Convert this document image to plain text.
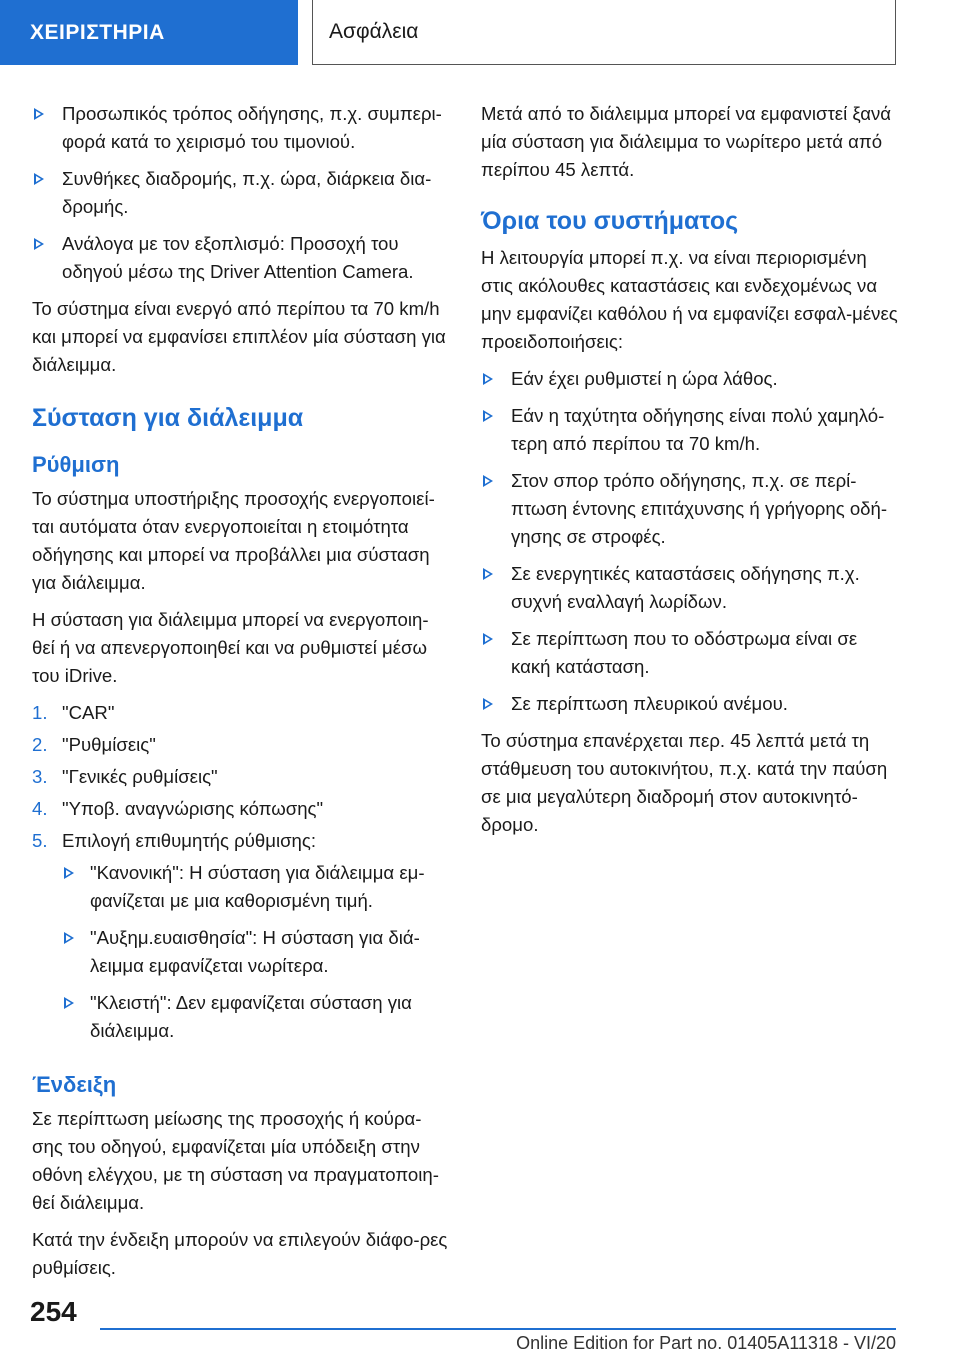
ΧΕΙΡΙΣΤΗΡΙΑ	Ασφάλεια
Προσωπικός τρόπος οδήγησης, π.χ. συμπερι-φορά κατά το χειρισμό του τιμονιού.
Συνθήκες διαδρομής, π.χ. ώρα, διάρκεια δια-δρομής.
Ανάλογα με τον εξοπλισμό: Προσοχή του οδηγού μέσω της Driver Attention Camera.

Το σύστημα είναι ενεργό από περίπου τα 70 km/h και μπορεί να εμφανίσει επιπλέον μία σύσταση για διάλειμμα.

Σύσταση για διάλειμμα
Ρύθμιση

Το σύστημα υποστήριξης προσοχής ενεργοποιεί-ται αυτόματα όταν ενεργοποιείται η ετοιμότητα οδήγησης και μπορεί να προβάλλει μια σύσταση για διάλειμμα.

Η σύσταση για διάλειμμα μπορεί να ενεργοποιη-θεί ή να απενεργοποιηθεί και να ρυθμιστεί μέσω του iDrive.

1. "CAR"
2. "Ρυθμίσεις"
3. "Γενικές ρυθμίσεις"
4. "Υποβ. αναγνώρισης κόπωσης"
5. Επιλογή επιθυμητής ρύθμισης:
"Κανονική": Η σύσταση για διάλειμμα εμ-φανίζεται με μια καθορισμένη τιμή.
"Αυξημ.ευαισθησία": Η σύσταση για διά-λειμμα εμφανίζεται νωρίτερα.
"Κλειστή": Δεν εμφανίζεται σύσταση για διάλειμμα.
Ένδειξη

Σε περίπτωση μείωσης της προσοχής ή κούρα-σης του οδηγού, εμφανίζεται μία υπόδειξη στην οθόνη ελέγχου, με τη σύσταση να πραγματοποιη-θεί διάλειμμα.

Κατά την ένδειξη μπορούν να επιλεγούν διάφο-ρες ρυθμίσεις.

Μετά από το διάλειμμα μπορεί να εμφανιστεί ξανά μία σύσταση για διάλειμμα το νωρίτερο μετά από περίπου 45 λεπτά.

Όρια του συστήματος

Η λειτουργία μπορεί π.χ. να είναι περιορισμένη στις ακόλουθες καταστάσεις και ενδεχομένως να μην εμφανίζει καθόλου ή να εμφανίζει εσφαλ-μένες προειδοποιήσεις:

Εάν έχει ρυθμιστεί η ώρα λάθος.
Εάν η ταχύτητα οδήγησης είναι πολύ χαμηλό-τερη από περίπου τα 70 km/h.
Στον σπορ τρόπο οδήγησης, π.χ. σε περί-πτωση έντονης επιτάχυνσης ή γρήγορης οδή-γησης σε στροφές.
Σε ενεργητικές καταστάσεις οδήγησης π.χ. συχνή εναλλαγή λωρίδων.
Σε περίπτωση που το οδόστρωμα είναι σε κακή κατάσταση.
Σε περίπτωση πλευρικού ανέμου.

Το σύστημα επανέρχεται περ. 45 λεπτά μετά τη στάθμευση του αυτοκινήτου, π.χ. κατά την παύση σε μια μεγαλύτερη διαδρομή στον αυτοκινητό-δρομο.

254
Online Edition for Part no. 01405A11318 - VI/20
